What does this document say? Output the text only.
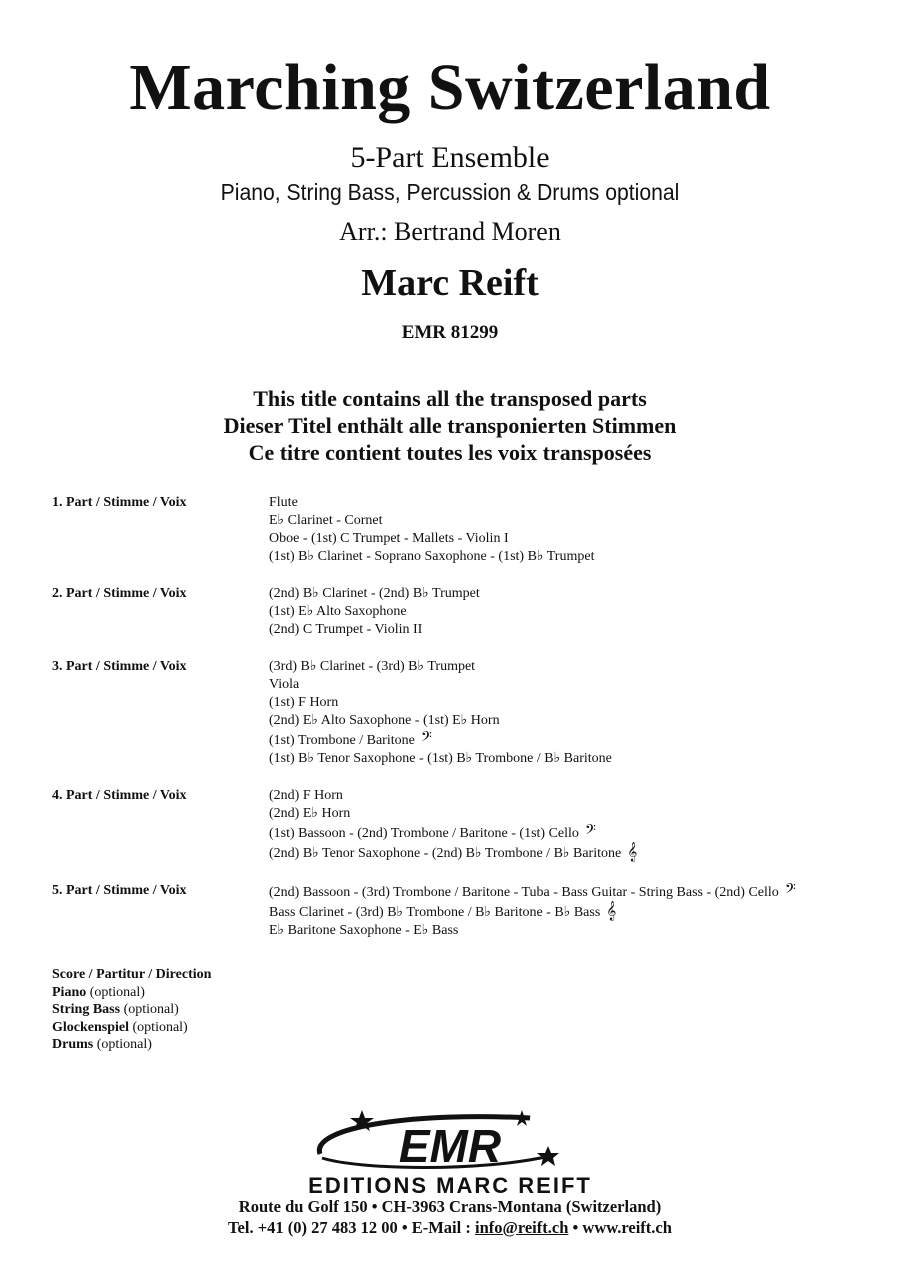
Marching Switzerland
5-Part Ensemble
Piano, String Bass, Percussion & Drums optional
Arr.: Bertrand Moren
Marc Reift
EMR 81299
This title contains all the transposed parts
Dieser Titel enthält alle transponierten Stimmen
Ce titre contient toutes les voix transposées
1. Part / Stimme / Voix	Flute
E♭ Clarinet - Cornet
Oboe - (1st) C Trumpet - Mallets - Violin I
(1st) B♭ Clarinet - Soprano Saxophone - (1st) B♭ Trumpet
2. Part / Stimme / Voix	(2nd) B♭ Clarinet - (2nd) B♭ Trumpet
(1st) E♭ Alto Saxophone
(2nd) C Trumpet - Violin II
3. Part / Stimme / Voix	(3rd) B♭ Clarinet - (3rd) B♭ Trumpet
Viola
(1st) F Horn
(2nd) E♭ Alto Saxophone - (1st) E♭ Horn
(1st) Trombone / Baritone 𝄢
(1st) B♭ Tenor Saxophone - (1st) B♭ Trombone / B♭ Baritone
4. Part / Stimme / Voix	(2nd) F Horn
(2nd) E♭ Horn
(1st) Bassoon - (2nd) Trombone / Baritone - (1st) Cello 𝄢
(2nd) B♭ Tenor Saxophone - (2nd) B♭ Trombone / B♭ Baritone 𝄞
5. Part / Stimme / Voix	(2nd) Bassoon - (3rd) Trombone / Baritone - Tuba - Bass Guitar - String Bass - (2nd) Cello 𝄢
Bass Clarinet - (3rd) B♭ Trombone / B♭ Baritone - B♭ Bass 𝄞
E♭ Baritone Saxophone - E♭ Bass
Score / Partitur / Direction
Piano (optional)
String Bass (optional)
Glockenspiel (optional)
Drums (optional)
EMR
EDITIONS MARC REIFT
Route du Golf 150 • CH-3963 Crans-Montana (Switzerland)
Tel. +41 (0) 27 483 12 00 • E-Mail : info@reift.ch • www.reift.ch
